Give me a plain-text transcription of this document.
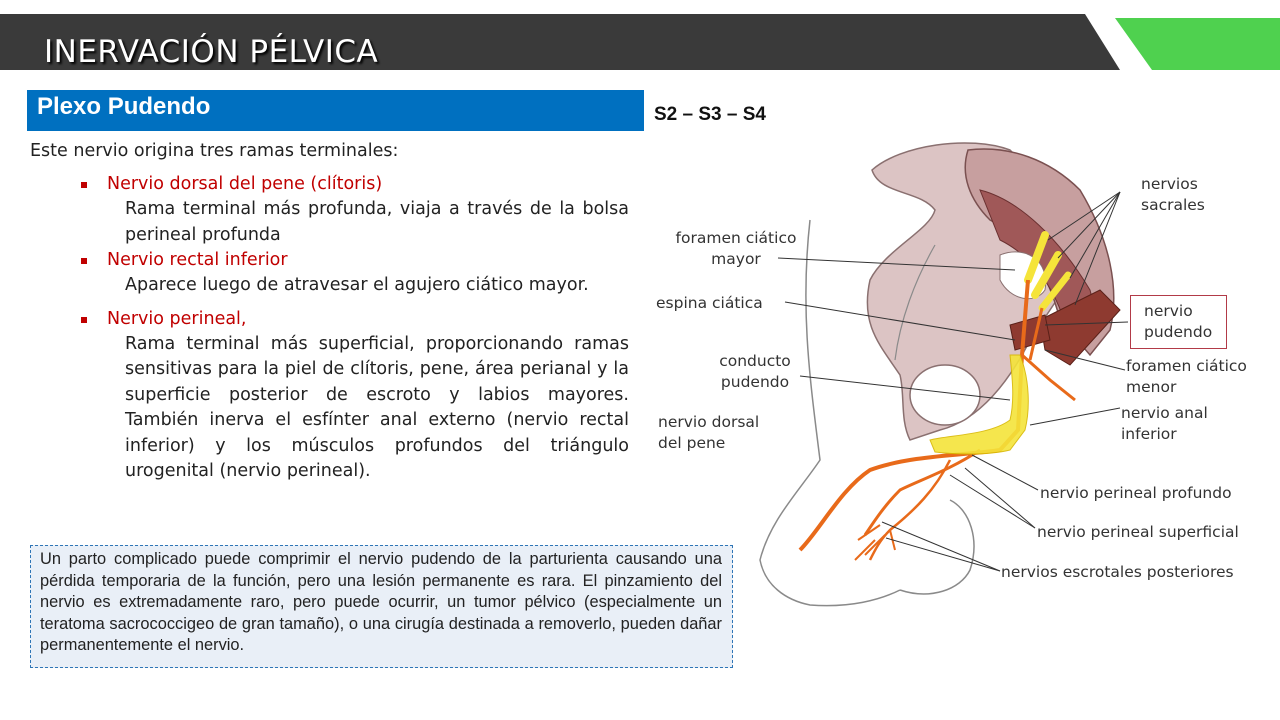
INERVACIÓN PÉLVICA
Plexo Pudendo	S2 – S3 – S4
Este nervio origina tres ramas terminales:
Nervio dorsal del pene (clítoris)
Rama terminal más profunda, viaja a través de la bolsa perineal profunda
Nervio rectal inferior
Aparece luego de atravesar el agujero ciático mayor.
Nervio perineal,
Rama terminal más superficial, proporcionando ramas sensitivas para la piel de clítoris, pene, área perianal y la superficie posterior de escroto y labios mayores. También inerva el esfínter anal externo (nervio rectal inferior) y los músculos profundos del triángulo urogenital (nervio perineal).
Un parto complicado puede comprimir el nervio pudendo de la parturienta causando una pérdida temporaria de la función, pero una lesión permanente es rara. El pinzamiento del nervio es extremadamente raro, pero puede ocurrir, un tumor pélvico (especialmente un teratoma sacrococcigeo de gran tamaño), o una cirugía destinada a removerlo, pueden dañar permanentemente el nervio.
nervios
sacrales
foramen ciático
mayor
espina ciática	nervio
pudendo
conducto
pudendo
foramen ciático
menor
nervio dorsal
del pene
nervio anal
inferior
nervio perineal profundo
nervio perineal superficial
nervios escrotales posteriores
